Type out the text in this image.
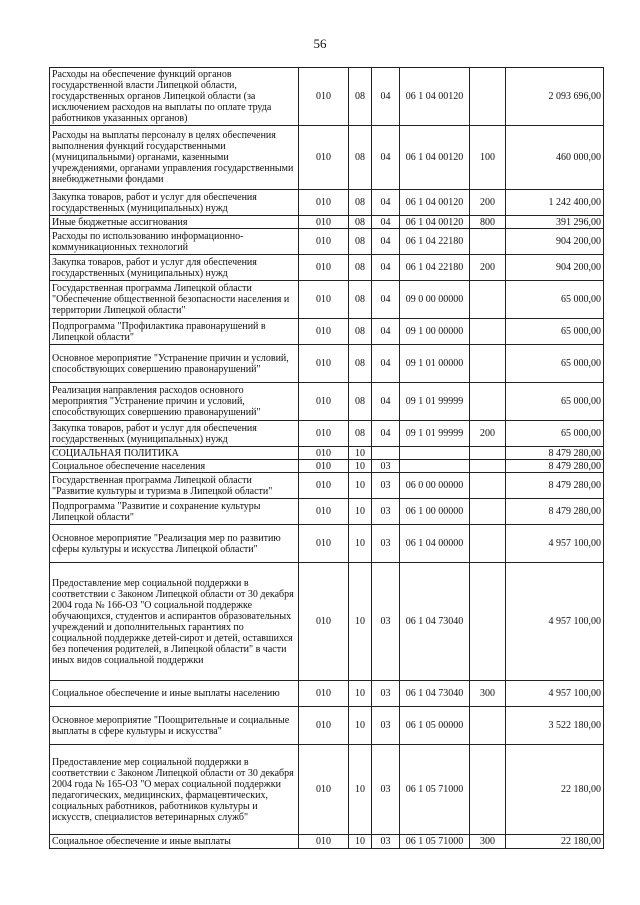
56
Расходы на обеспечение функций органов государственной власти Липецкой области, государственных органов Липецкой области (за исключением расходов на выплаты по оплате труда работников указанных органов)	010	08	04	06 1 04 00120		2 093 696,00
Расходы на выплаты персоналу в целях обеспечения выполнения функций государственными (муниципальными) органами, казенными учреждениями, органами управления государственными внебюджетными фондами	010	08	04	06 1 04 00120	100	460 000,00
Закупка товаров, работ и услуг для обеспечения государственных (муниципальных) нужд	010	08	04	06 1 04 00120	200	1 242 400,00
Иные бюджетные ассигнования	010	08	04	06 1 04 00120	800	391 296,00
Расходы по использованию информационно-коммуникационных технологий	010	08	04	06 1 04 22180		904 200,00
Закупка товаров, работ и услуг для обеспечения государственных (муниципальных) нужд	010	08	04	06 1 04 22180	200	904 200,00
Государственная программа Липецкой области "Обеспечение общественной безопасности населения и территории Липецкой области"	010	08	04	09 0 00 00000		65 000,00
Подпрограмма "Профилактика правонарушений в Липецкой области"	010	08	04	09 1 00 00000		65 000,00
Основное мероприятие "Устранение причин и условий, способствующих совершению правонарушений"	010	08	04	09 1 01 00000		65 000,00
Реализация направления расходов основного мероприятия "Устранение причин и условий, способствующих совершению правонарушений"	010	08	04	09 1 01 99999		65 000,00
Закупка товаров, работ и услуг для обеспечения государственных (муниципальных) нужд	010	08	04	09 1 01 99999	200	65 000,00
СОЦИАЛЬНАЯ ПОЛИТИКА	010	10				8 479 280,00
Социальное обеспечение населения	010	10	03			8 479 280,00
Государственная программа Липецкой области "Развитие культуры и туризма в Липецкой области"	010	10	03	06 0 00 00000		8 479 280,00
Подпрограмма "Развитие и сохранение культуры Липецкой области"	010	10	03	06 1 00 00000		8 479 280,00
Основное мероприятие "Реализация мер по развитию сферы культуры и искусства Липецкой области"	010	10	03	06 1 04 00000		4 957 100,00
Предоставление мер социальной поддержки в соответствии с Законом Липецкой области от 30 декабря 2004 года № 166-ОЗ "О социальной поддержке обучающихся, студентов и аспирантов образовательных учреждений и дополнительных гарантиях по социальной поддержке детей-сирот и детей, оставшихся без попечения родителей, в Липецкой области" в части иных видов социальной поддержки	010	10	03	06 1 04 73040		4 957 100,00
Социальное обеспечение и иные выплаты населению	010	10	03	06 1 04 73040	300	4 957 100,00
Основное мероприятие "Поощрительные и социальные выплаты в сфере культуры и искусства"	010	10	03	06 1 05 00000		3 522 180,00
Предоставление мер социальной поддержки в соответствии с Законом Липецкой области от 30 декабря 2004 года № 165-ОЗ "О мерах социальной поддержки педагогических, медицинских, фармацевтических, социальных работников, работников культуры и искусств, специалистов ветеринарных служб"	010	10	03	06 1 05 71000		22 180,00
Социальное обеспечение и иные выплаты	010	10	03	06 1 05 71000	300	22 180,00
